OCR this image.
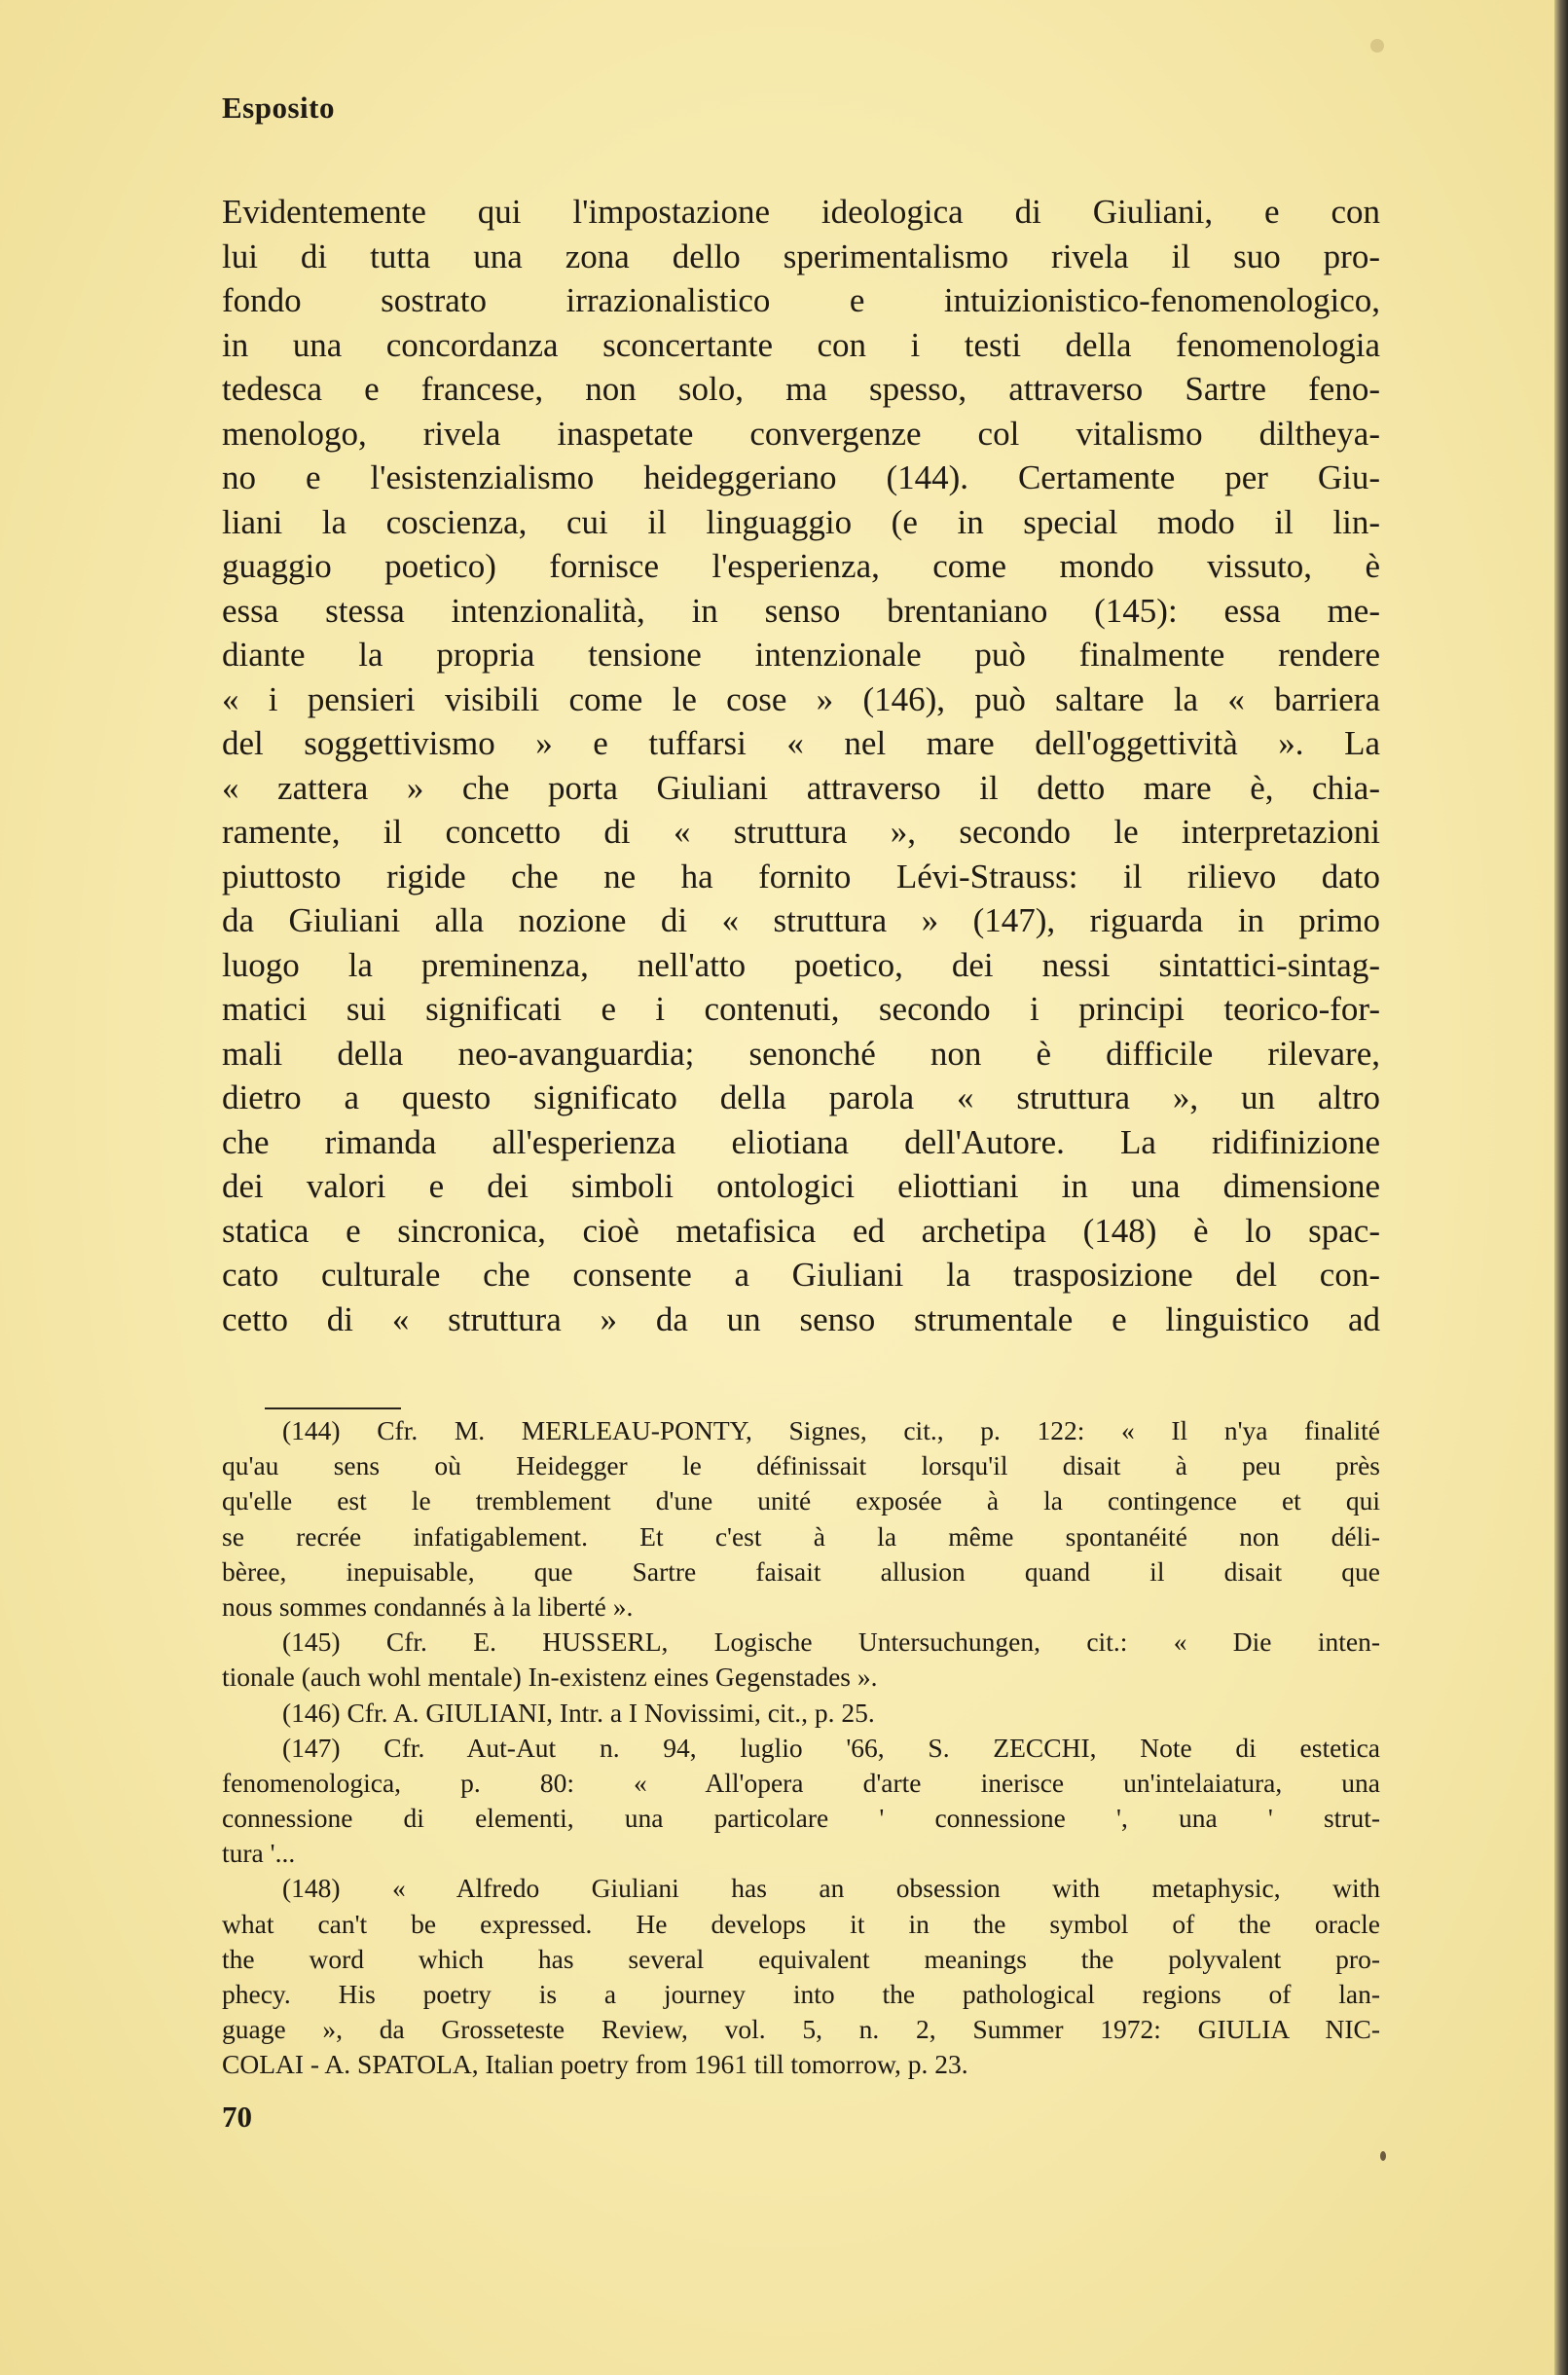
Esposito
Evidentemente qui l'impostazione ideologica di Giuliani, e con
lui di tutta una zona dello sperimentalismo rivela il suo pro-
fondo sostrato irrazionalistico e intuizionistico-fenomenologico,
in una concordanza sconcertante con i testi della fenomenologia
tedesca e francese, non solo, ma spesso, attraverso Sartre feno-
menologo, rivela inaspetate convergenze col vitalismo diltheya-
no e l'esistenzialismo heideggeriano (144). Certamente per Giu-
liani la coscienza, cui il linguaggio (e in special modo il lin-
guaggio poetico) fornisce l'esperienza, come mondo vissuto, è
essa stessa intenzionalità, in senso brentaniano (145): essa me-
diante la propria tensione intenzionale può finalmente rendere
« i pensieri visibili come le cose » (146), può saltare la « barriera
del soggettivismo » e tuffarsi « nel mare dell'oggettività ». La
« zattera » che porta Giuliani attraverso il detto mare è, chia-
ramente, il concetto di « struttura », secondo le interpretazioni
piuttosto rigide che ne ha fornito Lévi-Strauss: il rilievo dato
da Giuliani alla nozione di « struttura » (147), riguarda in primo
luogo la preminenza, nell'atto poetico, dei nessi sintattici-sintag-
matici sui significati e i contenuti, secondo i principi teorico-for-
mali della neo-avanguardia; senonché non è difficile rilevare,
dietro a questo significato della parola « struttura », un altro
che rimanda all'esperienza eliotiana dell'Autore. La ridifinizione
dei valori e dei simboli ontologici eliottiani in una dimensione
statica e sincronica, cioè metafisica ed archetipa (148) è lo spac-
cato culturale che consente a Giuliani la trasposizione del con-
cetto di « struttura » da un senso strumentale e linguistico ad
(144) Cfr. M. MERLEAU-PONTY, Signes, cit., p. 122: « Il n'ya finalité
qu'au sens où Heidegger le définissait lorsqu'il disait à peu près
qu'elle est le tremblement d'une unité exposée à la contingence et qui
se recrée infatigablement. Et c'est à la même spontanéité non déli-
bèree, inepuisable, que Sartre faisait allusion quand il disait que
nous sommes condannés à la liberté ».
(145) Cfr. E. HUSSERL, Logische Untersuchungen, cit.: « Die inten-
tionale (auch wohl mentale) In-existenz eines Gegenstades ».
(146) Cfr. A. GIULIANI, Intr. a I Novissimi, cit., p. 25.
(147) Cfr. Aut-Aut n. 94, luglio '66, S. ZECCHI, Note di estetica
fenomenologica, p. 80: « All'opera d'arte inerisce un'intelaiatura, una
connessione di elementi, una particolare ' connessione ', una ' strut-
tura '...
(148) « Alfredo Giuliani has an obsession with metaphysic, with
what can't be expressed. He develops it in the symbol of the oracle
the word which has several equivalent meanings the polyvalent pro-
phecy. His poetry is a journey into the pathological regions of lan-
guage », da Grosseteste Review, vol. 5, n. 2, Summer 1972: GIULIA NIC-
COLAI - A. SPATOLA, Italian poetry from 1961 till tomorrow, p. 23.
70
